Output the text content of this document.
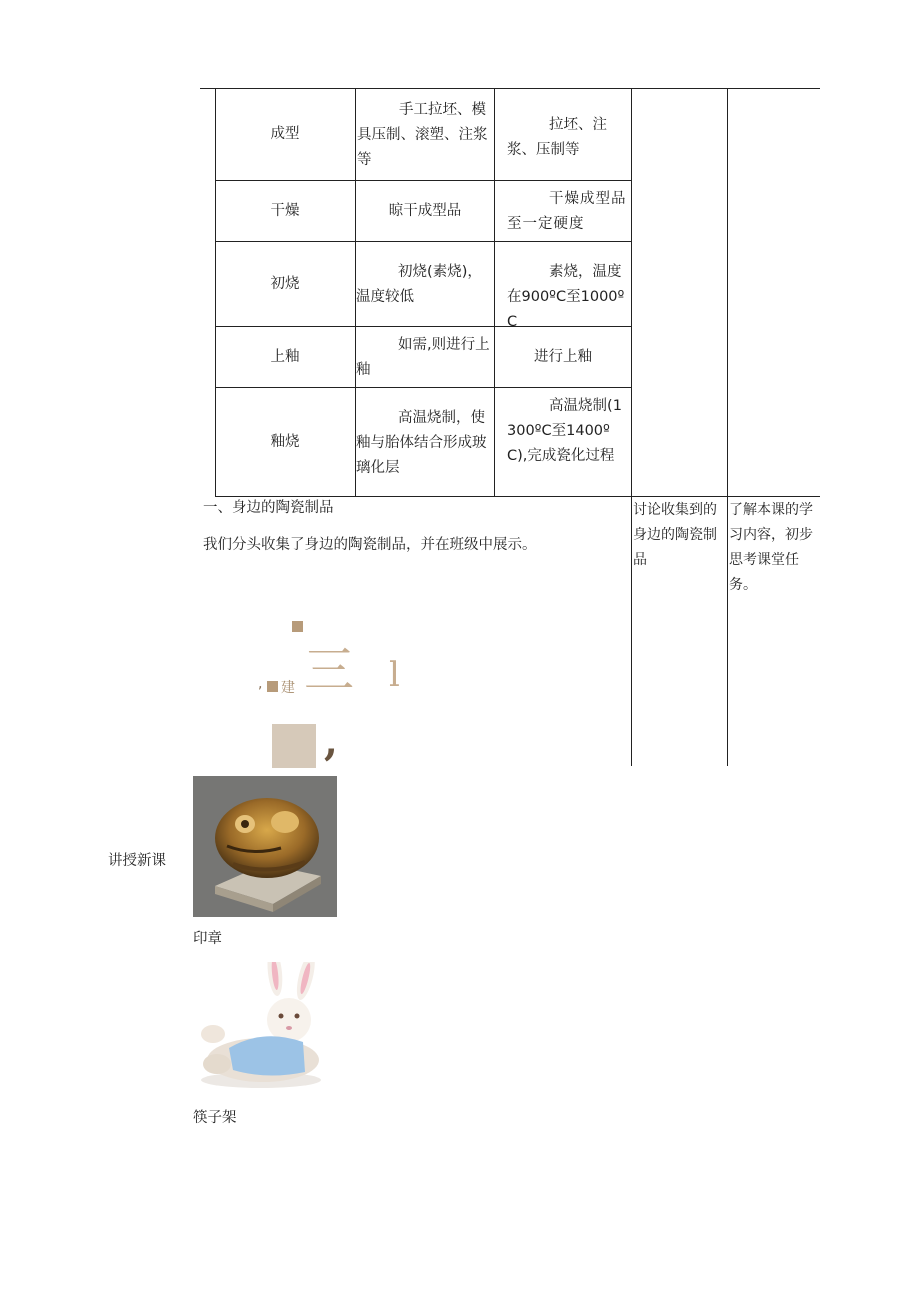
成型
手工拉坯、模具压制、滚塑、注浆等
拉坯、注浆、压制等
干燥	晾干成型品
干燥成型品至一定硬度
初烧
初烧(素烧)，温度较低
素烧，温度在900ºC至1000ºC
上釉
如需,则进行上釉
进行上釉
釉烧
高温烧制，使釉与胎体结合形成玻璃化层
高温烧制(1300ºC至1400ºC),完成瓷化过程
一、身边的陶瓷制品
我们分头收集了身边的陶瓷制品，并在班级中展示。
讨论收集到的身边的陶瓷制品
了解本课的学习内容，初步思考课堂任务。
, 建 三 l
,
讲授新课
印章
筷子架
